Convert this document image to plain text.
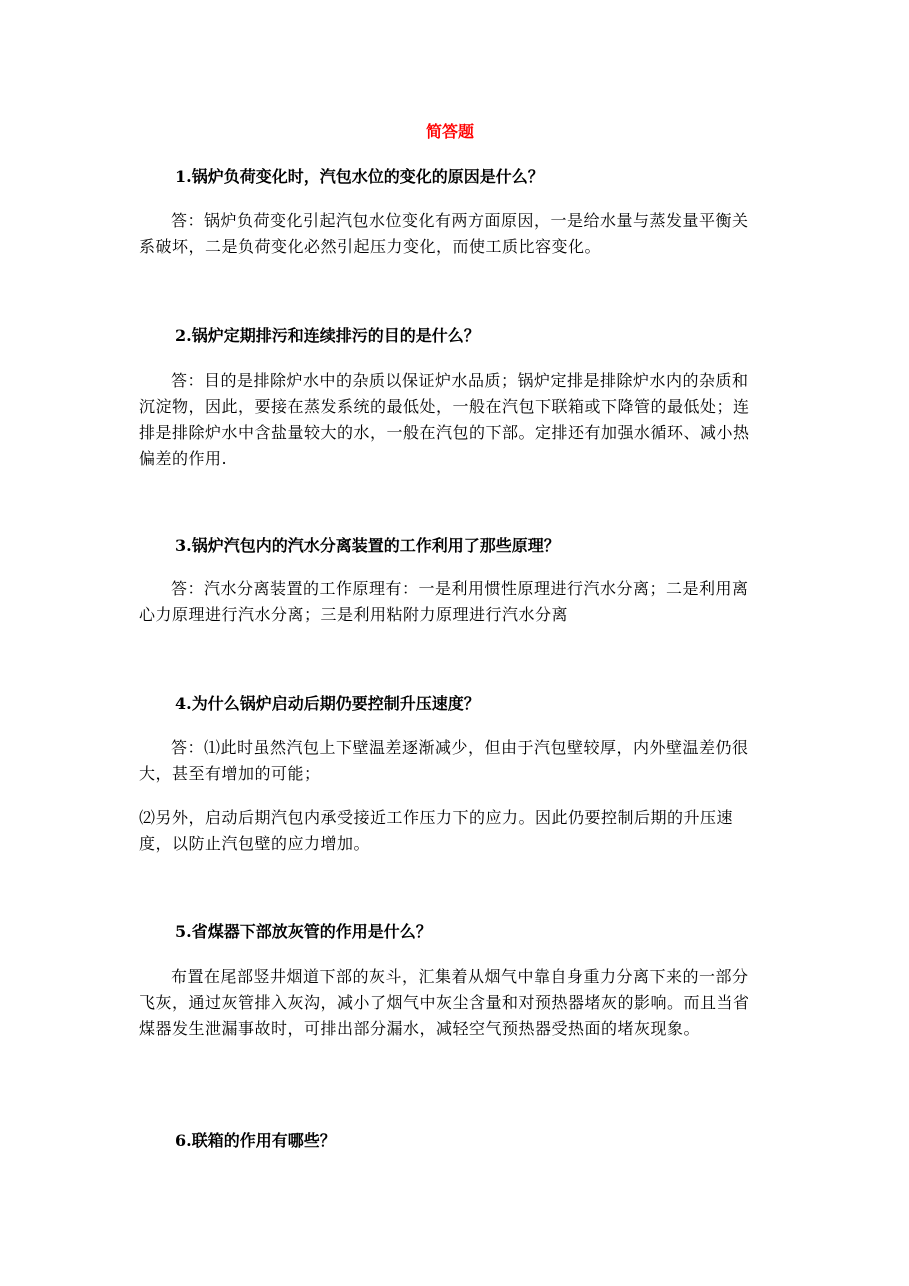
简答题
1.锅炉负荷变化时，汽包水位的变化的原因是什么？
答：锅炉负荷变化引起汽包水位变化有两方面原因，一是给水量与蒸发量平衡关系破坏，二是负荷变化必然引起压力变化，而使工质比容变化。
2.锅炉定期排污和连续排污的目的是什么？
答：目的是排除炉水中的杂质以保证炉水品质；锅炉定排是排除炉水内的杂质和沉淀物，因此，要接在蒸发系统的最低处，一般在汽包下联箱或下降管的最低处；连排是排除炉水中含盐量较大的水，一般在汽包的下部。定排还有加强水循环、减小热偏差的作用.
3.锅炉汽包内的汽水分离装置的工作利用了那些原理？
答：汽水分离装置的工作原理有：一是利用惯性原理进行汽水分离；二是利用离心力原理进行汽水分离；三是利用粘附力原理进行汽水分离
4.为什么锅炉启动后期仍要控制升压速度？
答：⑴此时虽然汽包上下壁温差逐渐减少，但由于汽包壁较厚，内外壁温差仍很大，甚至有增加的可能；
⑵另外，启动后期汽包内承受接近工作压力下的应力。因此仍要控制后期的升压速度，以防止汽包壁的应力增加。
5.省煤器下部放灰管的作用是什么？
布置在尾部竖井烟道下部的灰斗，汇集着从烟气中靠自身重力分离下来的一部分飞灰，通过灰管排入灰沟，减小了烟气中灰尘含量和对预热器堵灰的影响。而且当省煤器发生泄漏事故时，可排出部分漏水，减轻空气预热器受热面的堵灰现象。
6.联箱的作用有哪些？
